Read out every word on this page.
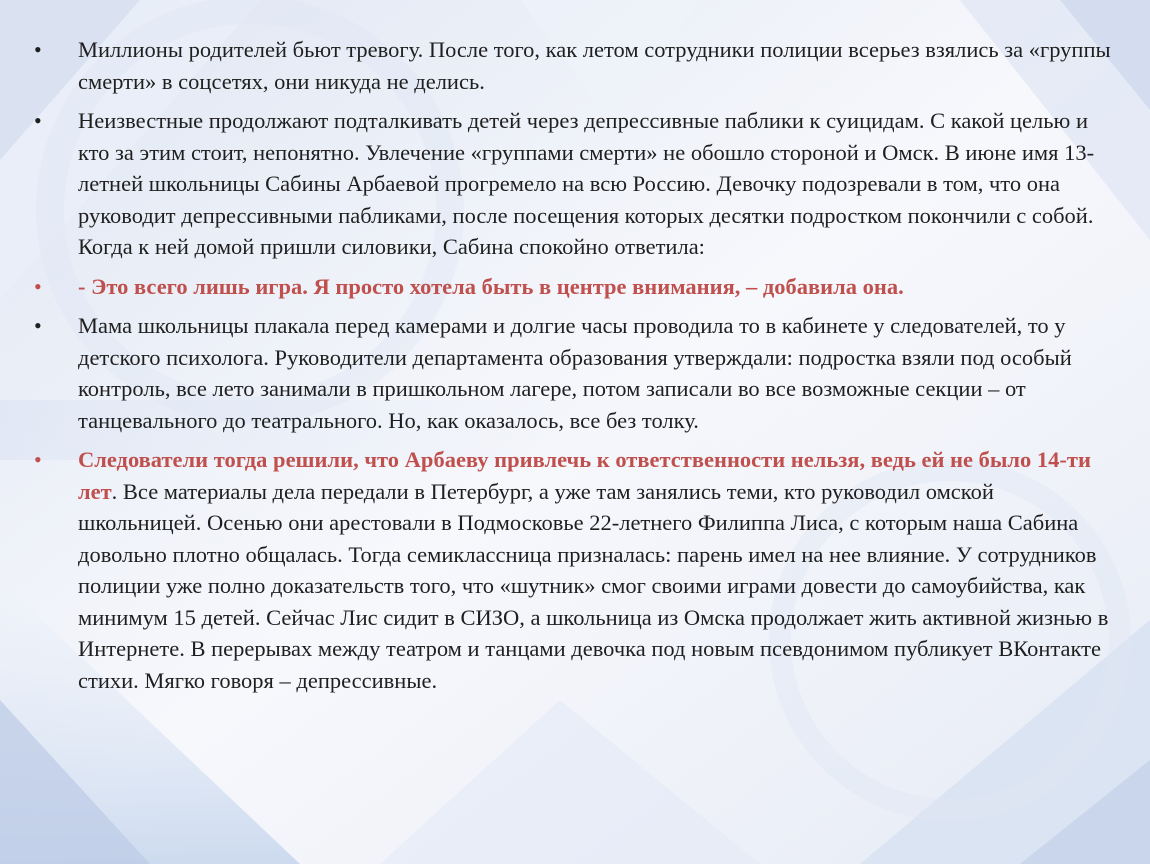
• Миллионы родителей бьют тревогу. После того, как летом сотрудники полиции всерьез взялись за «группы смерти» в соцсетях, они никуда не делись.
• Неизвестные продолжают подталкивать детей через депрессивные паблики к суицидам. С какой целью и кто за этим стоит, непонятно. Увлечение «группами смерти» не обошло стороной и Омск. В июне имя 13-летней школьницы Сабины Арбаевой прогремело на всю Россию. Девочку подозревали в том, что она руководит депрессивными пабликами, после посещения которых десятки подростком покончили с собой. Когда к ней домой пришли силовики, Сабина спокойно ответила:
• - Это всего лишь игра. Я просто хотела быть в центре внимания, – добавила она.
• Мама школьницы плакала перед камерами и долгие часы проводила то в кабинете у следователей, то у детского психолога. Руководители департамента образования утверждали: подростка взяли под особый контроль, все лето занимали в пришкольном лагере, потом записали во все возможные секции – от танцевального до театрального. Но, как оказалось, все без толку.
• Следователи тогда решили, что Арбаеву привлечь к ответственности нельзя, ведь ей не было 14-ти лет. Все материалы дела передали в Петербург, а уже там занялись теми, кто руководил омской школьницей. Осенью они арестовали в Подмосковье 22-летнего Филиппа Лиса, с которым наша Сабина довольно плотно общалась. Тогда семиклассница призналась: парень имел на нее влияние. У сотрудников полиции уже полно доказательств того, что «шутник» смог своими играми довести до самоубийства, как минимум 15 детей. Сейчас Лис сидит в СИЗО, а школьница из Омска продолжает жить активной жизнью в Интернете. В перерывах между театром и танцами девочка под новым псевдонимом публикует ВКонтакте стихи. Мягко говоря – депрессивные.
